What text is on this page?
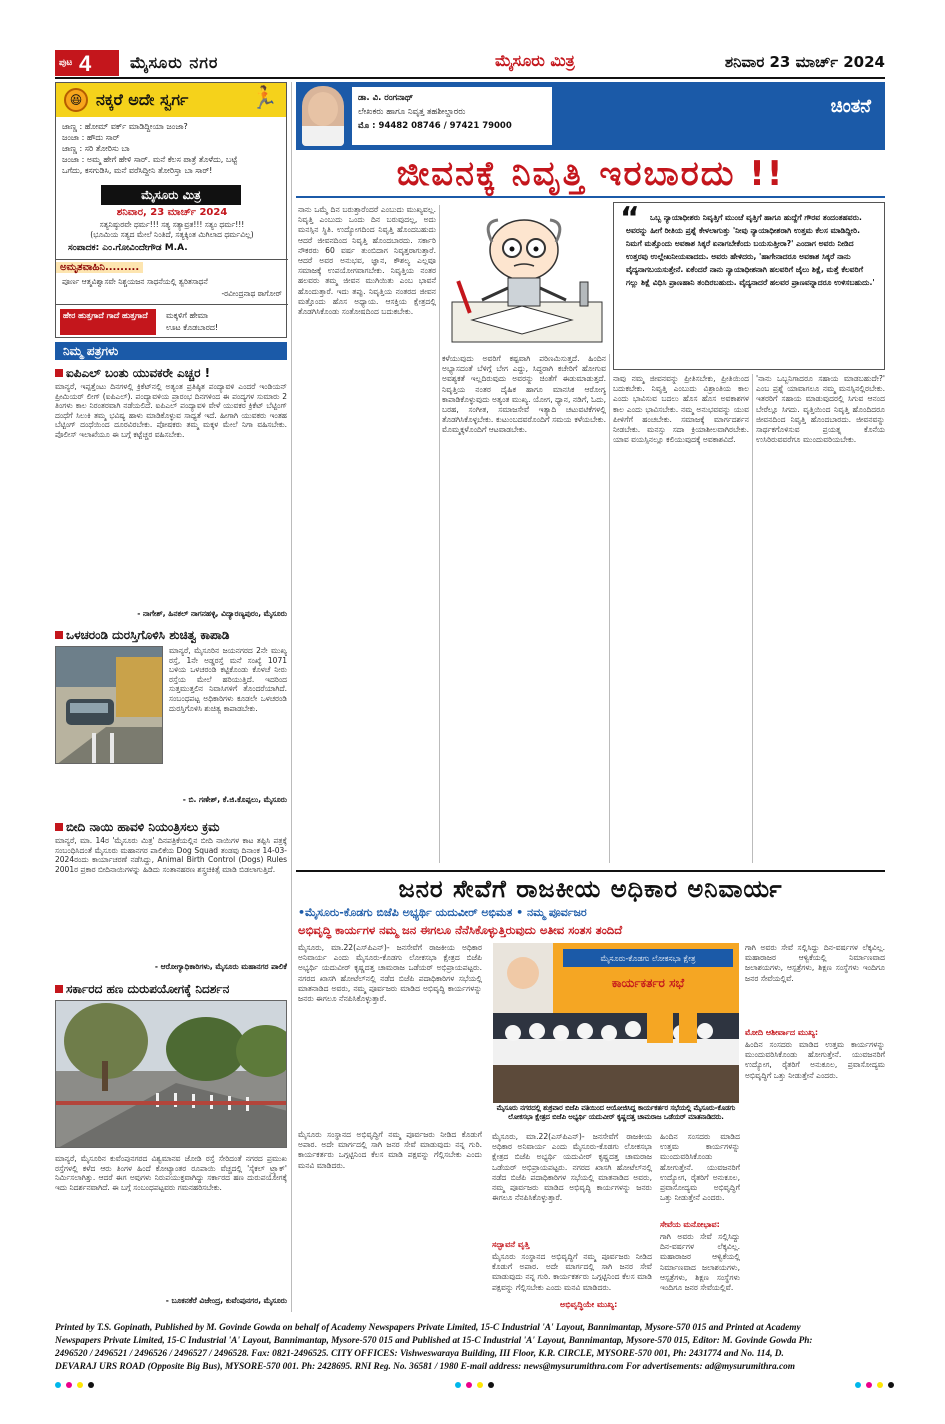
ಪುಟ 4 ಮೈಸೂರು ನಗರ	ಮೈಸೂರು ಮಿತ್ರ	ಶನಿವಾರ 23 ಮಾರ್ಚ್ 2024
😆 ನಕ್ಕರೆ ಅದೇ ಸ್ವರ್ಗ	🏃
ಜಾಣ್ಣ : ಹೋಮ್ ವರ್ಕ್ ಮಾಡಿದ್ದೀಯಾ ಜಂಜಾ?
ಜಂಜಾ : ಹೌದು ಸಾರ್
ಜಾಣ್ಣ : ಸರಿ ತೋರಿಸು ಬಾ
ಜಂಜಾ : ಅಮ್ಮ ಹೇಗೆ ಹೇಳಿ ಸಾರ್. ಮನೆ ಕೆಲಸ ಪಾತ್ರೆ ತೊಳೆದು, ಬಟ್ಟೆ
ಒಗೆದು, ಕಸಗುಡಿಸಿ, ಮನೆ ವರೆಸಿದ್ದೀನಿ ತೋರಿಸ್ತಾ ಬಾ ಸಾರ್!
ಮೈಸೂರು ಮಿತ್ರ
ಶನಿವಾರ, 23 ಮಾರ್ಚ್ 2024
ಸತ್ಯನಿಷ್ಠುರವೇ ಧರ್ಮ!!! ಸತ್ಯ ಸತ್ಯಾವ್ರತ!!! ಸತ್ಯಂ ಧರ್ಮ!!!
(ಭೂಮಿಯ ಸತ್ಯದ ಮೇಲೆ ನಿಂತಿದೆ, ಸತ್ಯಕ್ಕಿಂತ ಮಿಗಿಲಾದ ಧರ್ಮವಿಲ್ಲ)
ಸಂಪಾದಕ: ಎಂ.ಗೋವಿಂದೇಗೌಡ M.A.
ಅಮೃತವಾಹಿನಿ.........
ಪೂರ್ಣ ಆತ್ಮವಿಶ್ವಾಸವೇ ನಿಶ್ಚಯಜನ ಸಾಧನೆಯಲ್ಲಿ ತ್ವರಿತಸಾಧನೆ
-ರವೀಂದ್ರನಾಥ ಠಾಗೋರ್
ಹೇರ ಹುತ್ತಗಾದೆ ಗಾದೆ ಹುತ್ತಗಾದೆ	ಮಕ್ಕಳಿಗೆ ಹೇಮಾ
ಊಟ ಕೊಡಬಾರದ!
ನಿಮ್ಮ ಪತ್ರಗಳು
ಐಪಿಎಲ್ ಬಂತು ಯುವಕರೇ ಎಚ್ಚರ !
ಮಾನ್ಯರೆ, ಇಪ್ಪತ್ತೆಂಟು ದಿನಗಳಲ್ಲಿ ಕ್ರಿಕೆಟ್‌ನಲ್ಲಿ ಅತ್ಯಂತ ಪ್ರತಿಷ್ಠಿತ ಪಂದ್ಯಾವಳಿ ಎಂದರೆ ಇಂಡಿಯನ್ ಪ್ರೀಮಿಯರ್ ಲೀಗ್ (ಐಪಿಎಲ್). ಪಂದ್ಯಾವಳಿಯ ಪ್ರಾರಂಭ ದಿನಗಳಿಂದ ಈ ಪಂದ್ಯಗಳ ಸುಮಾರು 2 ತಿಂಗಳು ಕಾಲ ನಿರಂತರವಾಗಿ ನಡೆಯಲಿದೆ. ಐಪಿಎಲ್ ಪಂದ್ಯಾವಳಿ ವೇಳೆ ಯುವಕರ ಕ್ರಿಕೆಟ್ ಬೆಟ್ಟಿಂಗ್ ದಂಧೆಗೆ ಸಿಲುಕಿ ತಮ್ಮ ಭವಿಷ್ಯ ಹಾಳು ಮಾಡಿಕೊಳ್ಳುವ ಸಾಧ್ಯತೆ ಇದೆ. ಹೀಗಾಗಿ ಯುವಕರು ಇಂತಹ ಬೆಟ್ಟಿಂಗ್ ದಂಧೆಯಿಂದ ದೂರವಿರಬೇಕು. ಪೋಷಕರು ತಮ್ಮ ಮಕ್ಕಳ ಮೇಲೆ ನಿಗಾ ವಹಿಸಬೇಕು. ಪೊಲೀಸ್ ಇಲಾಖೆಯೂ ಈ ಬಗ್ಗೆ ಕಟ್ಟೆಚ್ಚರ ವಹಿಸಬೇಕು.
- ನಾಗೇಶ್, ಹಿನಕಲ್ ನಾಗನಹಳ್ಳಿ, ವಿದ್ಯಾರಣ್ಯಪುರಂ, ಮೈಸೂರು
ಒಳಚರಂಡಿ ದುರಸ್ತಿಗೊಳಿಸಿ ಶುಚಿತ್ವ ಕಾಪಾಡಿ
ಮಾನ್ಯರೆ, ಮೈಸೂರಿನ ಜಯನಗರದ 2ನೇ ಮುಖ್ಯ ರಸ್ತೆ, 1ನೇ ಅಡ್ಡರಸ್ತೆ ಮನೆ ಸಂಖ್ಯೆ 1071 ಬಳಿಯ ಒಳಚರಂಡಿ ಕಟ್ಟಿಕೊಂಡು ಕೊಳಚೆ ನೀರು ರಸ್ತೆಯ ಮೇಲೆ ಹರಿಯುತ್ತಿದೆ. ಇದರಿಂದ ಸುತ್ತಮುತ್ತಲಿನ ನಿವಾಸಿಗಳಿಗೆ ತೊಂದರೆಯಾಗಿದೆ. ಸಂಬಂಧಪಟ್ಟ ಅಧಿಕಾರಿಗಳು ಕೂಡಲೇ ಒಳಚರಂಡಿ ದುರಸ್ತಿಗೊಳಿಸಿ ಶುಚಿತ್ವ ಕಾಪಾಡಬೇಕು.
- ಬಿ. ಗಣೇಶ್, ಕೆ.ಜಿ.ಕೊಪ್ಪಲು, ಮೈಸೂರು
ಬೀದಿ ನಾಯಿ ಹಾವಳಿ ನಿಯಂತ್ರಿಸಲು ಕ್ರಮ
ಮಾನ್ಯರೆ, ಮಾ. 14ರ 'ಮೈಸೂರು ಮಿತ್ರ' ದಿನಪತ್ರಿಕೆಯಲ್ಲಿನ ಬೀದಿ ನಾಯಿಗಳ ಕಾಟ ತಪ್ಪಿಸಿ ಪತ್ರಕ್ಕೆ ಸಂಬಂಧಿಸಿದಂತೆ ಮೈಸೂರು ಮಹಾನಗರ ಪಾಲಿಕೆಯ Dog Squad ತಂಡವು ದಿನಾಂಕ 14-03-2024ರಂದು ಕಾರ್ಯಾಚರಣೆ ನಡೆಸಿದ್ದು, Animal Birth Control (Dogs) Rules 2001ರ ಪ್ರಕಾರ ಬೀದಿನಾಯಿಗಳನ್ನು ಹಿಡಿದು ಸಂತಾನಹರಣ ಶಸ್ತ್ರಚಿಕಿತ್ಸೆ ಮಾಡಿ ಬಿಡಲಾಗುತ್ತಿದೆ.
- ಆರೋಗ್ಯಾಧಿಕಾರಿಗಳು, ಮೈಸೂರು ಮಹಾನಗರ ಪಾಲಿಕೆ
ಸರ್ಕಾರದ ಹಣ ದುರುಪಯೋಗಕ್ಕೆ ನಿದರ್ಶನ
ಮಾನ್ಯರೆ, ಮೈಸೂರಿನ ಕುವೆಂಪುನಗರದ ವಿಶ್ವಮಾನವ ಜೋಡಿ ರಸ್ತೆ ಸೇರಿದಂತೆ ನಗರದ ಪ್ರಮುಖ ರಸ್ತೆಗಳಲ್ಲಿ ಕಳೆದ ಆರು ತಿಂಗಳ ಹಿಂದೆ ಕೋಟ್ಯಾಂತರ ರೂಪಾಯಿ ವೆಚ್ಚದಲ್ಲಿ 'ಸೈಕಲ್ ಟ್ರ್ಯಾಕ್' ನಿರ್ಮಿಸಲಾಗಿತ್ತು. ಆದರೆ ಈಗ ಅವುಗಳು ನಿರುಪಯುಕ್ತವಾಗಿದ್ದು ಸರ್ಕಾರದ ಹಣ ದುರುಪಯೋಗಕ್ಕೆ ಇದು ನಿದರ್ಶನವಾಗಿದೆ. ಈ ಬಗ್ಗೆ ಸಂಬಂಧಪಟ್ಟವರು ಗಮನಹರಿಸಬೇಕು.
- ಬೂಕನಕೆರೆ ವಿಜೇಂದ್ರ, ಕುವೆಂಪುನಗರ, ಮೈಸೂರು
ಡಾ. ವಿ. ರಂಗನಾಥ್
ಲೇಖಕರು ಹಾಗೂ ನಿವೃತ್ತ ತಹಶೀಲ್ದಾರರು
ಮೊ : 94482 08746 / 97421 79000
ಚಿಂತನೆ
ಜೀವನಕ್ಕೆ ನಿವೃತ್ತಿ ಇರಬಾರದು !!
ನಾನು ಒಮ್ಮೆ ದಿನ ಬರುತ್ತಾರೆಂದರೆ ಎಂಬುದು ಮುಖ್ಯವಲ್ಲ. ನಿವೃತ್ತಿ ಎಂಬುದು ಒಂದು ದಿನ ಬರುವುದಲ್ಲ, ಅದು ಮನಸ್ಸಿನ ಸ್ಥಿತಿ. ಉದ್ಯೋಗದಿಂದ ನಿವೃತ್ತಿ ಹೊಂದಬಹುದು ಆದರೆ ಜೀವನದಿಂದ ನಿವೃತ್ತಿ ಹೊಂದಬಾರದು. ಸರ್ಕಾರಿ ನೌಕರರು 60 ವರ್ಷ ತುಂಬಿದಾಗ ನಿವೃತ್ತರಾಗುತ್ತಾರೆ. ಆದರೆ ಅವರ ಅನುಭವ, ಜ್ಞಾನ, ಕೌಶಲ್ಯ ಎಲ್ಲವೂ ಸಮಾಜಕ್ಕೆ ಉಪಯೋಗವಾಗಬೇಕು. ನಿವೃತ್ತಿಯ ನಂತರ ಹಲವರು ತಮ್ಮ ಜೀವನ ಮುಗಿಯಿತು ಎಂಬ ಭಾವನೆ ಹೊಂದುತ್ತಾರೆ. ಇದು ತಪ್ಪು. ನಿವೃತ್ತಿಯ ನಂತರದ ಜೀವನ ಮತ್ತೊಂದು ಹೊಸ ಅಧ್ಯಾಯ. ಆಸಕ್ತಿಯ ಕ್ಷೇತ್ರದಲ್ಲಿ ತೊಡಗಿಸಿಕೊಂಡು ಸಂತೋಷದಿಂದ ಬದುಕಬೇಕು.
“	ಒಬ್ಬ ನ್ಯಾಯಾಧೀಶರು ನಿವೃತ್ತಿಗೆ ಮುಂಚೆ ವೃತ್ತಿಗೆ ಹಾಗೂ ಹುದ್ದೆಗೆ ಗೌರವ ತಂದಂತಹವರು. ಅವರನ್ನು ಹೀಗೆ ರೀತಿಯ ಪ್ರಶ್ನೆ ಕೇಳಲಾಗುತ್ತು 'ನೀವು ನ್ಯಾಯಾಧೀಶರಾಗಿ ಉತ್ತಮ ಕೆಲಸ ಮಾಡಿದ್ದೀರಿ. ನಿಮಗೆ ಮತ್ತೊಂದು ಅವಕಾಶ ಸಿಕ್ಕರೆ ಏನಾಗಬೇಕೆಂದು ಬಯಸುತ್ತೀರಾ?' ಎಂದಾಗ ಅವರು ನೀಡಿದ ಉತ್ತರವು ಉಲ್ಲೇಖನೀಯವಾದದು. ಅವರು ಹೇಳಿದರು, 'ಹಾಗೇನಾದರೂ ಅವಕಾಶ ಸಿಕ್ಕರೆ ನಾನು ವೈದ್ಯನಾಗಬಯಸುತ್ತೇನೆ. ಏಕೆಂದರೆ ನಾನು ನ್ಯಾಯಾಧೀಶನಾಗಿ ಹಲವರಿಗೆ ಜೈಲು ಶಿಕ್ಷೆ, ಮತ್ತೆ ಕೆಲವರಿಗೆ ಗಲ್ಲು ಶಿಕ್ಷೆ ವಿಧಿಸಿ ಪ್ರಾಣಹಾನಿ ತಂದಿರಬಹುದು. ವೈದ್ಯನಾದರೆ ಹಲವರ ಪ್ರಾಣವನ್ನಾದರೂ ಉಳಿಸಬಹುದು.'
ಕಳೆಯುವುದು ಅವರಿಗೆ ಕಷ್ಟವಾಗಿ ಪರಿಣಮಿಸುತ್ತದೆ. ಹಿಂದಿನ ಅಭ್ಯಾಸದಂತೆ ಬೆಳಿಗ್ಗೆ ಬೇಗ ಎದ್ದು, ಸಿದ್ಧರಾಗಿ ಕಚೇರಿಗೆ ಹೋಗುವ ಅವಶ್ಯಕತೆ ಇಲ್ಲದಿರುವುದು ಅವರನ್ನು ಚಿಂತೆಗೆ ಈಡುಮಾಡುತ್ತದೆ. ನಿವೃತ್ತಿಯ ನಂತರ ದೈಹಿಕ ಹಾಗೂ ಮಾನಸಿಕ ಆರೋಗ್ಯ ಕಾಪಾಡಿಕೊಳ್ಳುವುದು ಅತ್ಯಂತ ಮುಖ್ಯ. ಯೋಗ, ಧ್ಯಾನ, ನಡಿಗೆ, ಓದು, ಬರಹ, ಸಂಗೀತ, ಸಮಾಜಸೇವೆ ಇತ್ಯಾದಿ ಚಟುವಟಿಕೆಗಳಲ್ಲಿ ತೊಡಗಿಸಿಕೊಳ್ಳಬೇಕು. ಕುಟುಂಬದವರೊಂದಿಗೆ ಸಮಯ ಕಳೆಯಬೇಕು. ಮೊಮ್ಮಕ್ಕಳೊಂದಿಗೆ ಆಟವಾಡಬೇಕು.
ನಾವು ನಮ್ಮ ಜೀವನವನ್ನು ಪ್ರೀತಿಸಬೇಕು, ಪ್ರೀತಿಯಿಂದ ಬದುಕಬೇಕು. ನಿವೃತ್ತಿ ಎಂಬುದು ವಿಶ್ರಾಂತಿಯ ಕಾಲ ಎಂದು ಭಾವಿಸುವ ಬದಲು ಹೊಸ ಹೊಸ ಅವಕಾಶಗಳ ಕಾಲ ಎಂದು ಭಾವಿಸಬೇಕು. ನಮ್ಮ ಅನುಭವವನ್ನು ಯುವ ಪೀಳಿಗೆಗೆ ಹಂಚಬೇಕು. ಸಮಾಜಕ್ಕೆ ಮಾರ್ಗದರ್ಶನ ನೀಡಬೇಕು. ಮನಸ್ಸು ಸದಾ ಕ್ರಿಯಾಶೀಲವಾಗಿರಬೇಕು. ಯಾವ ವಯಸ್ಸಿನಲ್ಲೂ ಕಲಿಯುವುದಕ್ಕೆ ಅವಕಾಶವಿದೆ.
'ನಾನು ಒಬ್ಬನಿಗಾದರೂ ಸಹಾಯ ಮಾಡಬಹುದೇ?' ಎಂಬ ಪ್ರಶ್ನೆ ಯಾವಾಗಲೂ ನಮ್ಮ ಮನಸ್ಸಿನಲ್ಲಿರಬೇಕು. ಇತರರಿಗೆ ಸಹಾಯ ಮಾಡುವುದರಲ್ಲಿ ಸಿಗುವ ಆನಂದ ಬೇರೆಲ್ಲೂ ಸಿಗದು. ವೃತ್ತಿಯಿಂದ ನಿವೃತ್ತಿ ಹೊಂದಿದರೂ ಜೀವನದಿಂದ ನಿವೃತ್ತಿ ಹೊಂದಬಾರದು. ಜೀವನವನ್ನು ಸಾರ್ಥಕಗೊಳಿಸುವ ಪ್ರಯತ್ನ ಕೊನೆಯ ಉಸಿರಿರುವವರೆಗೂ ಮುಂದುವರಿಯಬೇಕು.
ಜನರ ಸೇವೆಗೆ ರಾಜಕೀಯ ಅಧಿಕಾರ ಅನಿವಾರ್ಯ
•ಮೈಸೂರು-ಕೊಡಗು ಬಿಜೆಪಿ ಅಭ್ಯರ್ಥಿ ಯದುವೀರ್ ಅಭಿಮತ • ನಮ್ಮ ಪೂರ್ವಜರ
ಅಭಿವೃದ್ಧಿ ಕಾರ್ಯಗಳ ನಮ್ಮ ಜನ ಈಗಲೂ ನೆನೆಸಿಕೊಳ್ಳುತ್ತಿರುವುದು ಅತೀವ ಸಂತಸ ತಂದಿದೆ
ಮೈಸೂರು, ಮಾ.22(ಎಸ್‌ಪಿಎನ್)- ಜನಸೇವೆಗೆ ರಾಜಕೀಯ ಅಧಿಕಾರ ಅನಿವಾರ್ಯ ಎಂದು ಮೈಸೂರು-ಕೊಡಗು ಲೋಕಸಭಾ ಕ್ಷೇತ್ರದ ಬಿಜೆಪಿ ಅಭ್ಯರ್ಥಿ ಯದುವೀರ್ ಕೃಷ್ಣದತ್ತ ಚಾಮರಾಜ ಒಡೆಯರ್ ಅಭಿಪ್ರಾಯಪಟ್ಟರು. ನಗರದ ಖಾಸಗಿ ಹೋಟೆಲ್‌ನಲ್ಲಿ ನಡೆದ ಬಿಜೆಪಿ ಪದಾಧಿಕಾರಿಗಳ ಸಭೆಯಲ್ಲಿ ಮಾತನಾಡಿದ ಅವರು, ನಮ್ಮ ಪೂರ್ವಜರು ಮಾಡಿದ ಅಭಿವೃದ್ಧಿ ಕಾರ್ಯಗಳನ್ನು ಜನರು ಈಗಲೂ ನೆನಪಿಸಿಕೊಳ್ಳುತ್ತಾರೆ.
ಮೈಸೂರು-ಕೊಡಗು ಲೋಕಸಭಾ ಕ್ಷೇತ್ರ
ಕಾರ್ಯಕರ್ತರ ಸಭೆ
ಮೈಸೂರು ನಗರದಲ್ಲಿ ಶುಕ್ರವಾರ ಬಿಜೆಪಿ ವತಿಯಿಂದ ಆಯೋಜಿಸಿದ್ದ ಕಾರ್ಯಕರ್ತರ ಸಭೆಯಲ್ಲಿ ಮೈಸೂರು-ಕೊಡಗು ಲೋಕಸಭಾ ಕ್ಷೇತ್ರದ ಬಿಜೆಪಿ ಅಭ್ಯರ್ಥಿ ಯದುವೀರ್ ಕೃಷ್ಣದತ್ತ ಚಾಮರಾಜ ಒಡೆಯರ್ ಮಾತನಾಡಿದರು.
ಮೋದಿ ಆಶೀರ್ವಾದ ಮುಖ್ಯ:
ಗಾಗಿ ಅವರು ಸೇವೆ ಸಲ್ಲಿಸಿದ್ದು ದಿನ-ವರ್ಷಗಳ ಲೆಕ್ಕವಿಲ್ಲ. ಮಹಾರಾಜರ ಆಳ್ವಿಕೆಯಲ್ಲಿ ನಿರ್ಮಾಣವಾದ ಜಲಾಶಯಗಳು, ಆಸ್ಪತ್ರೆಗಳು, ಶಿಕ್ಷಣ ಸಂಸ್ಥೆಗಳು ಇಂದಿಗೂ ಜನರ ಸೇವೆಯಲ್ಲಿವೆ.
ಹಿಂದಿನ ಸಂಸದರು ಮಾಡಿದ ಉತ್ತಮ ಕಾರ್ಯಗಳನ್ನು ಮುಂದುವರಿಸಿಕೊಂಡು ಹೋಗುತ್ತೇನೆ. ಯುವಜನರಿಗೆ ಉದ್ಯೋಗ, ರೈತರಿಗೆ ಅನುಕೂಲ, ಪ್ರವಾಸೋದ್ಯಮ ಅಭಿವೃದ್ಧಿಗೆ ಒತ್ತು ನೀಡುತ್ತೇನೆ ಎಂದರು.
ಮೈಸೂರು ಸಂಸ್ಥಾನದ ಅಭಿವೃದ್ಧಿಗೆ ನಮ್ಮ ಪೂರ್ವಜರು ನೀಡಿದ ಕೊಡುಗೆ ಅಪಾರ. ಅದೇ ಮಾರ್ಗದಲ್ಲಿ ಸಾಗಿ ಜನರ ಸೇವೆ ಮಾಡುವುದು ನನ್ನ ಗುರಿ. ಕಾರ್ಯಕರ್ತರು ಒಗ್ಗಟ್ಟಿನಿಂದ ಕೆಲಸ ಮಾಡಿ ಪಕ್ಷವನ್ನು ಗೆಲ್ಲಿಸಬೇಕು ಎಂದು ಮನವಿ ಮಾಡಿದರು.
ಸದ್ಭಾವನೆ ವೃತ್ತಿ
ಅಭಿವೃದ್ಧಿಯೇ ಮುಖ್ಯ:
ಸೇವೆಯ ಮನೋಭಾವ:
ಮೈಸೂರು, ಮಾ.22(ಎಸ್‌ಪಿಎನ್)- ಜನಸೇವೆಗೆ ರಾಜಕೀಯ ಅಧಿಕಾರ ಅನಿವಾರ್ಯ ಎಂದು ಮೈಸೂರು-ಕೊಡಗು ಲೋಕಸಭಾ ಕ್ಷೇತ್ರದ ಬಿಜೆಪಿ ಅಭ್ಯರ್ಥಿ ಯದುವೀರ್ ಕೃಷ್ಣದತ್ತ ಚಾಮರಾಜ ಒಡೆಯರ್ ಅಭಿಪ್ರಾಯಪಟ್ಟರು. ನಗರದ ಖಾಸಗಿ ಹೋಟೆಲ್‌ನಲ್ಲಿ ನಡೆದ ಬಿಜೆಪಿ ಪದಾಧಿಕಾರಿಗಳ ಸಭೆಯಲ್ಲಿ ಮಾತನಾಡಿದ ಅವರು, ನಮ್ಮ ಪೂರ್ವಜರು ಮಾಡಿದ ಅಭಿವೃದ್ಧಿ ಕಾರ್ಯಗಳನ್ನು ಜನರು ಈಗಲೂ ನೆನಪಿಸಿಕೊಳ್ಳುತ್ತಾರೆ.
ಮೈಸೂರು ಸಂಸ್ಥಾನದ ಅಭಿವೃದ್ಧಿಗೆ ನಮ್ಮ ಪೂರ್ವಜರು ನೀಡಿದ ಕೊಡುಗೆ ಅಪಾರ. ಅದೇ ಮಾರ್ಗದಲ್ಲಿ ಸಾಗಿ ಜನರ ಸೇವೆ ಮಾಡುವುದು ನನ್ನ ಗುರಿ. ಕಾರ್ಯಕರ್ತರು ಒಗ್ಗಟ್ಟಿನಿಂದ ಕೆಲಸ ಮಾಡಿ ಪಕ್ಷವನ್ನು ಗೆಲ್ಲಿಸಬೇಕು ಎಂದು ಮನವಿ ಮಾಡಿದರು.
ಹಿಂದಿನ ಸಂಸದರು ಮಾಡಿದ ಉತ್ತಮ ಕಾರ್ಯಗಳನ್ನು ಮುಂದುವರಿಸಿಕೊಂಡು ಹೋಗುತ್ತೇನೆ. ಯುವಜನರಿಗೆ ಉದ್ಯೋಗ, ರೈತರಿಗೆ ಅನುಕೂಲ, ಪ್ರವಾಸೋದ್ಯಮ ಅಭಿವೃದ್ಧಿಗೆ ಒತ್ತು ನೀಡುತ್ತೇನೆ ಎಂದರು.
ಗಾಗಿ ಅವರು ಸೇವೆ ಸಲ್ಲಿಸಿದ್ದು ದಿನ-ವರ್ಷಗಳ ಲೆಕ್ಕವಿಲ್ಲ. ಮಹಾರಾಜರ ಆಳ್ವಿಕೆಯಲ್ಲಿ ನಿರ್ಮಾಣವಾದ ಜಲಾಶಯಗಳು, ಆಸ್ಪತ್ರೆಗಳು, ಶಿಕ್ಷಣ ಸಂಸ್ಥೆಗಳು ಇಂದಿಗೂ ಜನರ ಸೇವೆಯಲ್ಲಿವೆ.
Printed by T.S. Gopinath, Published by M. Govinde Gowda on behalf of Academy Newspapers Private Limited, 15-C Industrial 'A' Layout, Bannimantap, Mysore-570 015 and Printed at Academy
Newspapers Private Limited, 15-C Industrial 'A' Layout, Bannimantap, Mysore-570 015 and Published at 15-C Industrial 'A' Layout, Bannimantap, Mysore-570 015, Editor: M. Govinde Gowda Ph:
2496520 / 2496521 / 2496526 / 2496527 / 2496528. Fax: 0821-2496525. CITY OFFICES: Vishweswaraya Building, III Floor, K.R. CIRCLE, MYSORE-570 001, Ph: 2431774 and No. 114, D.
DEVARAJ URS ROAD (Opposite Big Bus), MYSORE-570 001. Ph: 2428695. RNI Reg. No. 36581 / 1980 E-mail address: news@mysurumithra.com For advertisements: ad@mysurumithra.com
